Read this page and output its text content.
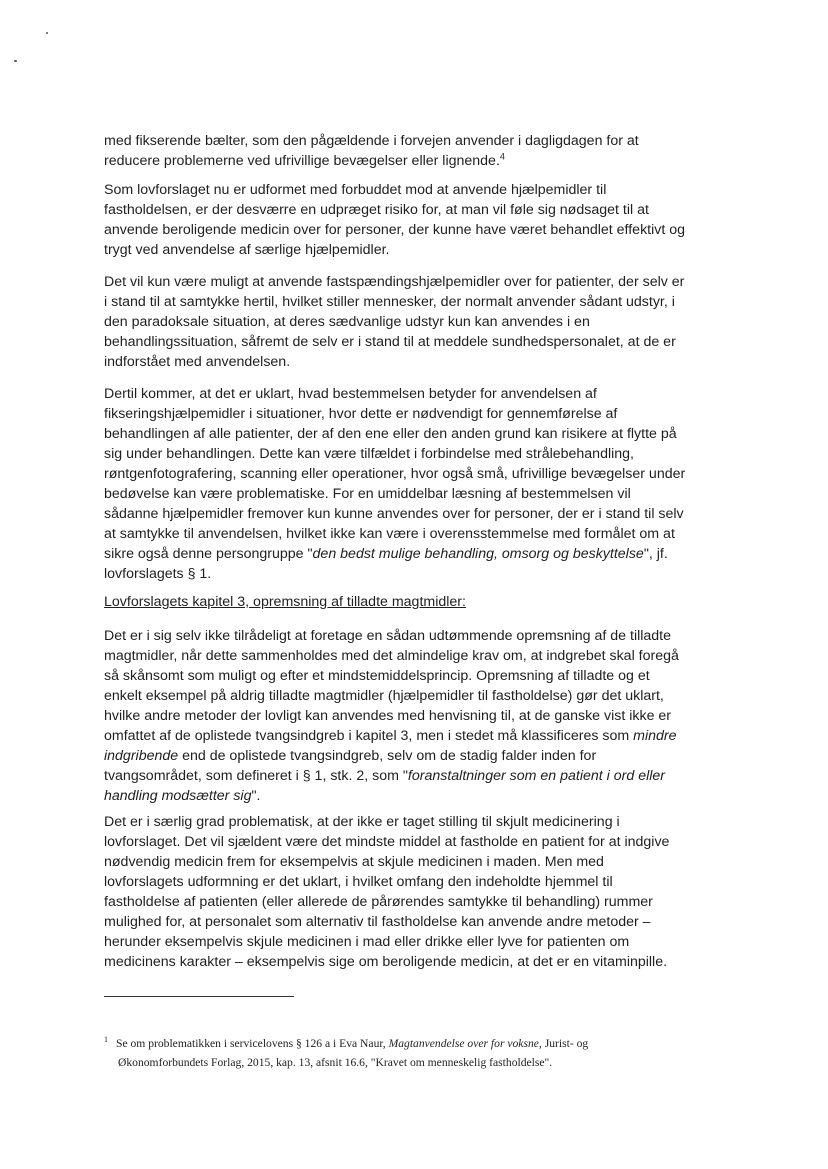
med fikserende bælter, som den pågældende i forvejen anvender i dagligdagen for at
reducere problemerne ved ufrivillige bevægelser eller lignende.$^4$

Som lovforslaget nu er udformet med forbuddet mod at anvende hjælpemidler til
fastholdelsen, er der desværre en udpræget risiko for, at man vil føle sig nødsaget til at
anvende beroligende medicin over for personer, der kunne have været behandlet effektivt og
trygt ved anvendelse af særlige hjælpemidler.

Det vil kun være muligt at anvende fastspændingshjælpemidler over for patienter, der selv er
i stand til at samtykke hertil, hvilket stiller mennesker, der normalt anvender sådant udstyr, i
den paradoksale situation, at deres sædvanlige udstyr kun kan anvendes i en
behandlingssituation, såfremt de selv er i stand til at meddele sundhedspersonalet, at de er
indforstået med anvendelsen.

Dertil kommer, at det er uklart, hvad bestemmelsen betyder for anvendelsen af
fikseringshjælpemidler i situationer, hvor dette er nødvendigt for gennemførelse af
behandlingen af alle patienter, der af den ene eller den anden grund kan risikere at flytte på
sig under behandlingen. Dette kan være tilfældet i forbindelse med strålebehandling,
røntgenfotografering, scanning eller operationer, hvor også små, ufrivillige bevægelser under
bedøvelse kan være problematiske. For en umiddelbar læsning af bestemmelsen vil
sådanne hjælpemidler fremover kun kunne anvendes over for personer, der er i stand til selv
at samtykke til anvendelsen, hvilket ikke kan være i overensstemmelse med formålet om at
sikre også denne persongruppe "den bedst mulige behandling, omsorg og beskyttelse", jf.
lovforslagets § 1.

Lovforslagets kapitel 3, opremsning af tilladte magtmidler:

Det er i sig selv ikke tilrådeligt at foretage en sådan udtømmende opremsning af de tilladte
magtmidler, når dette sammenholdes med det almindelige krav om, at indgrebet skal foregå
så skånsomt som muligt og efter et mindstemiddelsprincip. Opremsning af tilladte og et
enkelt eksempel på aldrig tilladte magtmidler (hjælpemidler til fastholdelse) gør det uklart,
hvilke andre metoder der lovligt kan anvendes med henvisning til, at de ganske vist ikke er
omfattet af de oplistede tvangsindgreb i kapitel 3, men i stedet må klassificeres som mindre
indgribende end de oplistede tvangsindgreb, selv om de stadig falder inden for
tvangsområdet, som defineret i § 1, stk. 2, som "foranstaltninger som en patient i ord eller
handling modsætter sig".

Det er i særlig grad problematisk, at der ikke er taget stilling til skjult medicinering i
lovforslaget. Det vil sjældent være det mindste middel at fastholde en patient for at indgive
nødvendig medicin frem for eksempelvis at skjule medicinen i maden. Men med
lovforslagets udformning er det uklart, i hvilket omfang den indeholdte hjemmel til
fastholdelse af patienten (eller allerede de pårørendes samtykke til behandling) rummer
mulighed for, at personalet som alternativ til fastholdelse kan anvende andre metoder –
herunder eksempelvis skjule medicinen i mad eller drikke eller lyve for patienten om
medicinens karakter – eksempelvis sige om beroligende medicin, at det er en vitaminpille.

$^1$ Se om problematikken i servicelovens § 126 a i Eva Naur, Magtanvendelse over for voksne, Jurist- og
Økonomforbundets Forlag, 2015, kap. 13, afsnit 16.6, "Kravet om menneskelig fastholdelse".
